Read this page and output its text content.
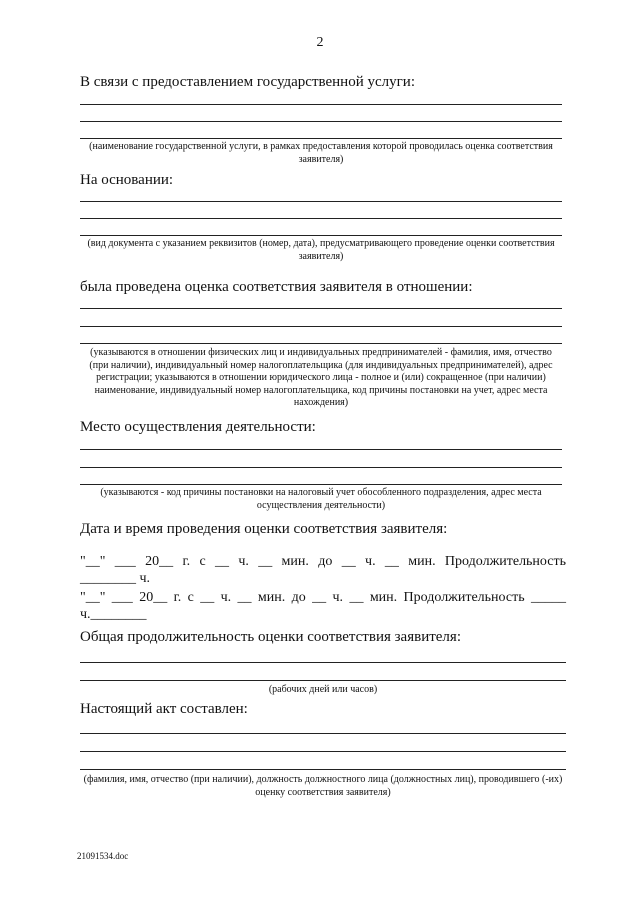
2
В связи с предоставлением государственной услуги:
(наименование государственной услуги, в рамках предоставления которой проводилась оценка соответствия заявителя)
На основании:
(вид документа с указанием реквизитов (номер, дата), предусматривающего проведение оценки соответствия заявителя)
была проведена оценка соответствия заявителя в отношении:
(указываются в отношении физических лиц и индивидуальных предпринимателей - фамилия, имя, отчество (при наличии), индивидуальный номер налогоплательщика (для индивидуальных предпринимателей), адрес регистрации; указываются в отношении юридического лица - полное и (или) сокращенное (при наличии) наименование, индивидуальный номер налогоплательщика, код причины постановки на учет, адрес места нахождения)
Место осуществления деятельности:
(указываются - код причины постановки на налоговый учет обособленного подразделения, адрес места осуществления деятельности)
Дата и время проведения оценки соответствия заявителя:
"__" ___ 20__ г. с __ ч. __ мин. до __ ч. __ мин. Продолжительность
________ ч.
"__" ___ 20__ г. с __ ч. __ мин. до __ ч. __ мин. Продолжительность _____
ч.________
Общая продолжительность оценки соответствия заявителя:
(рабочих дней или часов)
Настоящий акт составлен:
(фамилия, имя, отчество (при наличии), должность должностного лица (должностных лиц), проводившего (-их) оценку соответствия заявителя)
21091534.doc
